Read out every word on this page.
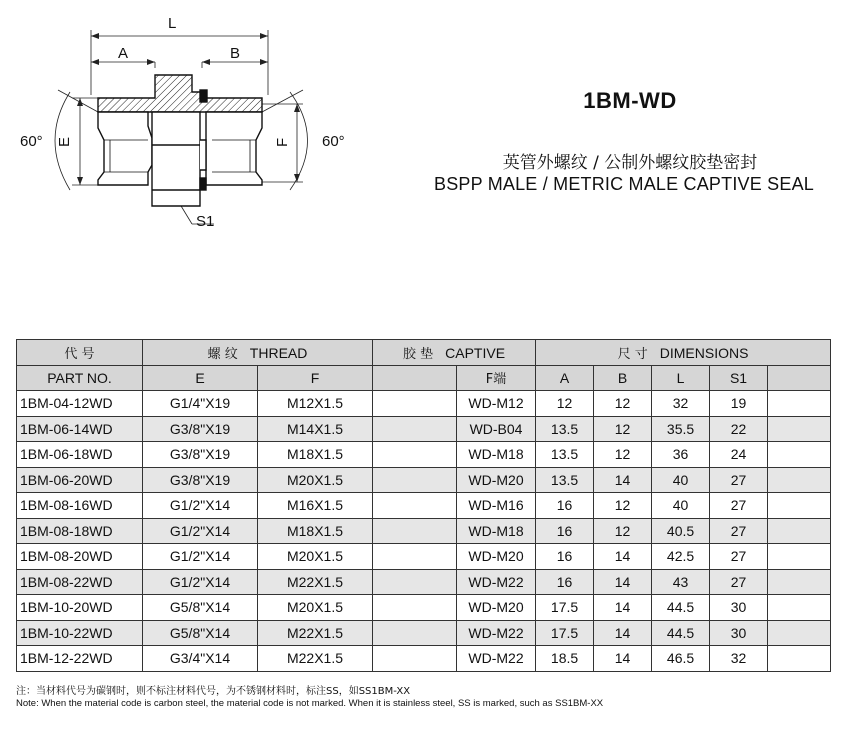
L
A	B
E	F
60°	60°
S1
1BM-WD
英管外螺纹 / 公制外螺纹胶垫密封
BSPP MALE / METRIC MALE CAPTIVE SEAL
代 号	螺 纹 THREAD		胶 垫 CAPTIVE		尺 寸 DIMENSIONS				
PART NO.	E	F		F端	A	B	L	S1	
1BM-04-12WD	G1/4"X19	M12X1.5		WD-M12	12	12	32	19	
1BM-06-14WD	G3/8"X19	M14X1.5		WD-B04	13.5	12	35.5	22	
1BM-06-18WD	G3/8"X19	M18X1.5		WD-M18	13.5	12	36	24	
1BM-06-20WD	G3/8"X19	M20X1.5		WD-M20	13.5	14	40	27	
1BM-08-16WD	G1/2"X14	M16X1.5		WD-M16	16	12	40	27	
1BM-08-18WD	G1/2"X14	M18X1.5		WD-M18	16	12	40.5	27	
1BM-08-20WD	G1/2"X14	M20X1.5		WD-M20	16	14	42.5	27	
1BM-08-22WD	G1/2"X14	M22X1.5		WD-M22	16	14	43	27	
1BM-10-20WD	G5/8"X14	M20X1.5		WD-M20	17.5	14	44.5	30	
1BM-10-22WD	G5/8"X14	M22X1.5		WD-M22	17.5	14	44.5	30	
1BM-12-22WD	G3/4"X14	M22X1.5		WD-M22	18.5	14	46.5	32	
注：当材料代号为碳钢时，则不标注材料代号，为不锈钢材料时，标注SS，如SS1BM-XX
Note: When the material code is carbon steel, the material code is not marked. When it is stainless steel, SS is marked, such as SS1BM-XX
